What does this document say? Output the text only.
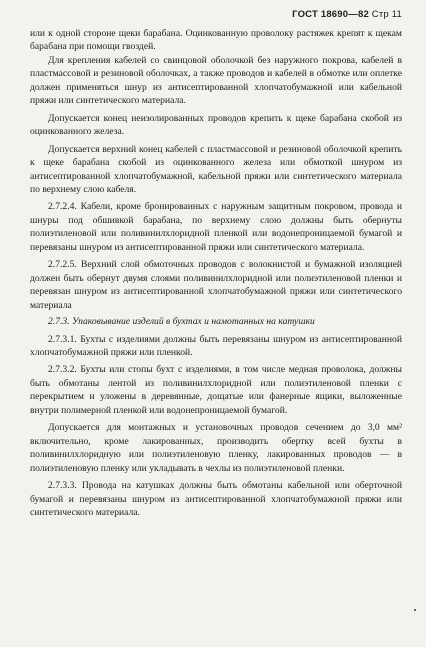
ГОСТ 18690—82 Стр 11

или к одной стороне щеки барабана. Оцинкованную проволоку растяжек крепят к щекам барабана при помощи гвоздей.

Для крепления кабелей со свинцовой оболочкой без наружного покрова, кабелей в пластмассовой и резиновой оболочках, а также проводов и кабелей в обмотке или оплетке должен применяться шнур из антисептированной хлопчатобумажной или кабельной пряжи или синтетического материала.

Допускается конец неизолированных проводов крепить к щеке барабана скобой из оцинкованного железа.

Допускается верхний конец кабелей с пластмассовой и резиновой оболочкой крепить к щеке барабана скобой из оцинкованного железа или обмоткой шнуром из антисептированной хлопчатобумажной, кабельной пряжи или синтетического материала по верхнему слою кабеля.

2.7.2.4. Кабели, кроме бронированных с наружным защитным покровом, провода и шнуры под обшивкой барабана, по верхнему слою должны быть обернуты полиэтиленовой или поливинилхлоридной пленкой или водонепроницаемой бумагой и перевязаны шнуром из антисептированной пряжи или синтетического материала.

2.7.2.5. Верхний слой обмоточных проводов с волокнистой и бумажной изоляцией должен быть обернут двумя слоями поливинилхлоридной или полиэтиленовой пленки и перевязан шнуром из антисептированной хлопчатобумажной пряжи или синтетического материала

2.7.3. Упаковывание изделий в бухтах и намотанных на катушки

2.7.3.1. Бухты с изделиями должны быть перевязаны шнуром из антисептированной хлопчатобумажной пряжи или пленкой.

2.7.3.2. Бухты или стопы бухт с изделиями, в том числе медная проволока, должны быть обмотаны лентой из поливинилхлоридной или полиэтиленовой пленки с перекрытием и уложены в деревянные, дощатые или фанерные ящики, выложенные внутри полимерной пленкой или водонепроницаемой бумагой.

Допускается для монтажных и установочных проводов сечением до 3,0 мм² включительно, кроме лакированных, производить обертку всей бухты в поливинилхлоридную или полиэтиленовую пленку, лакированных проводов — в полиэтиленовую пленку или укладывать в чехлы из полиэтиленовой пленки.

2.7.3.3. Провода на катушках должны быть обмотаны кабельной или оберточной бумагой и перевязаны шнуром из антисептированной хлопчатобумажной пряжи или синтетического материала.
